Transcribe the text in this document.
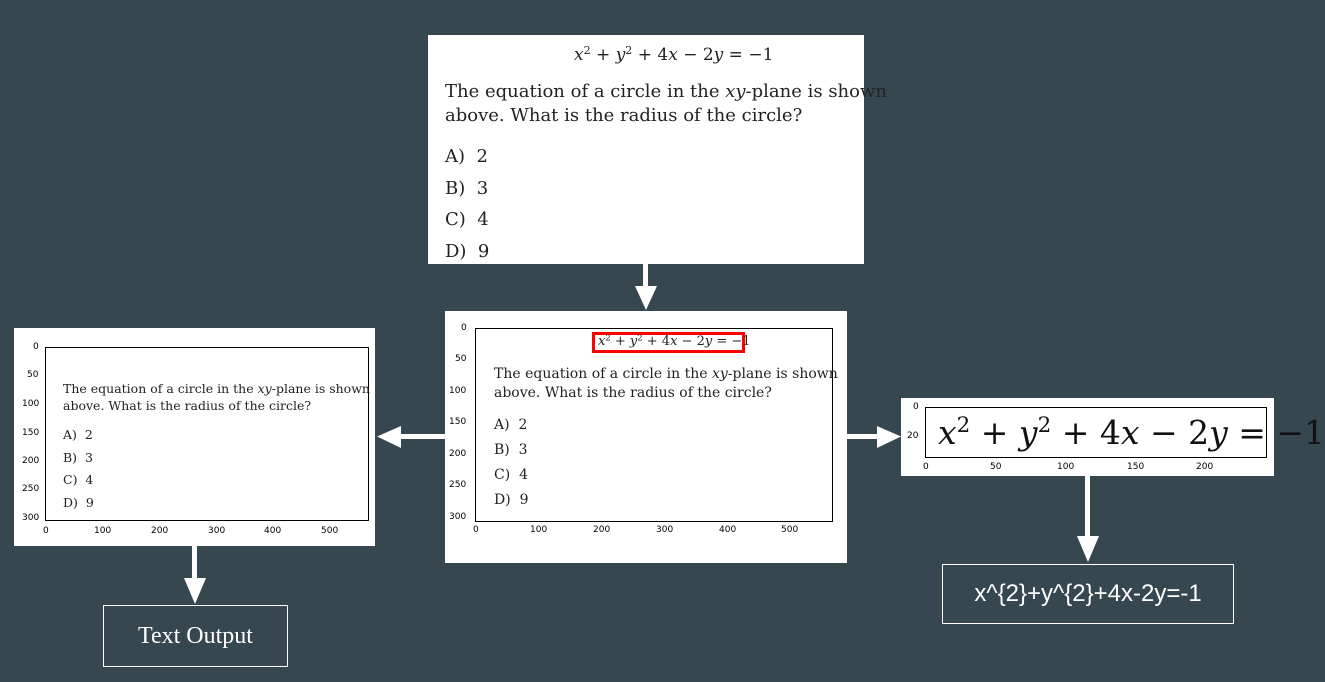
$x^2 + y^2 + 4x - 2y = -1$
The equation of a circle in the xy-plane is shown
above. What is the radius of the circle?
A) 2
B) 3
C) 4
D) 9
$x^2 + y^2 + 4x - 2y = -1$
The equation of a circle in the xy-plane is shown
above. What is the radius of the circle?
A) 2
B) 3
C) 4
D) 9
0
50
100
150
200
250
300
0	100	200	300	400	500
The equation of a circle in the xy-plane is shown
above. What is the radius of the circle?
A) 2
B) 3
C) 4
D) 9
0
50
100
150
200
250
300
0	100	200	300	400	500
Text Output
$x^2 + y^2 + 4x - 2y = -1$
0
20
0	50	100	150	200
x^{2}+y^{2}+4x-2y=-1
